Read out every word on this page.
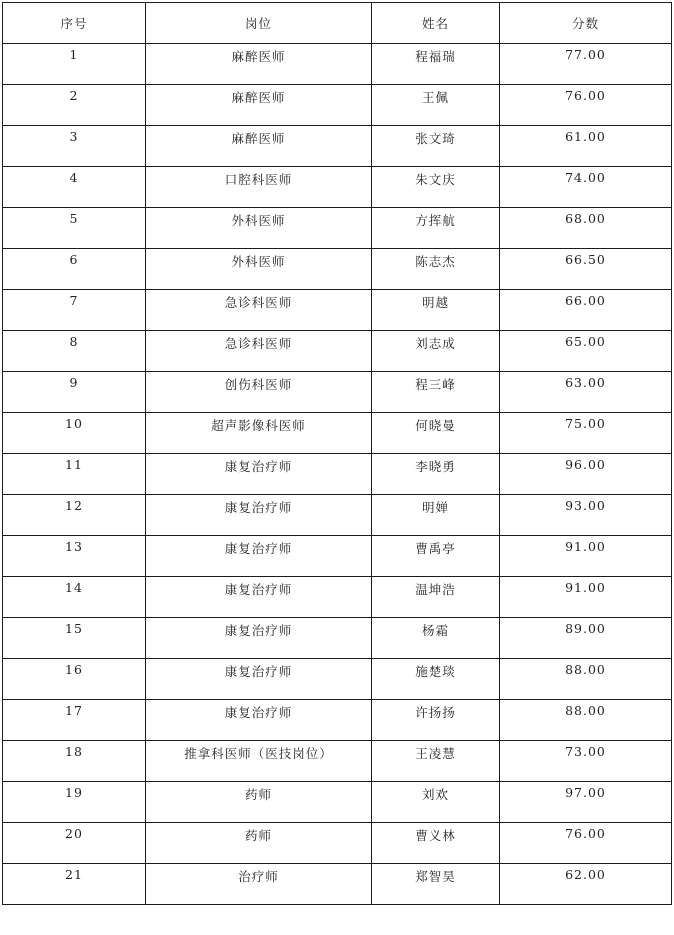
序号	岗位	姓名	分数
1	麻醉医师	程福瑞	77.00
2	麻醉医师	王佩	76.00
3	麻醉医师	张文琦	61.00
4	口腔科医师	朱文庆	74.00
5	外科医师	方挥航	68.00
6	外科医师	陈志杰	66.50
7	急诊科医师	明越	66.00
8	急诊科医师	刘志成	65.00
9	创伤科医师	程三峰	63.00
10	超声影像科医师	何晓曼	75.00
11	康复治疗师	李晓勇	96.00
12	康复治疗师	明婵	93.00
13	康复治疗师	曹禹亭	91.00
14	康复治疗师	温坤浩	91.00
15	康复治疗师	杨霜	89.00
16	康复治疗师	施楚琰	88.00
17	康复治疗师	许扬扬	88.00
18	推拿科医师（医技岗位）	王凌慧	73.00
19	药师	刘欢	97.00
20	药师	曹义林	76.00
21	治疗师	郑智昊	62.00
